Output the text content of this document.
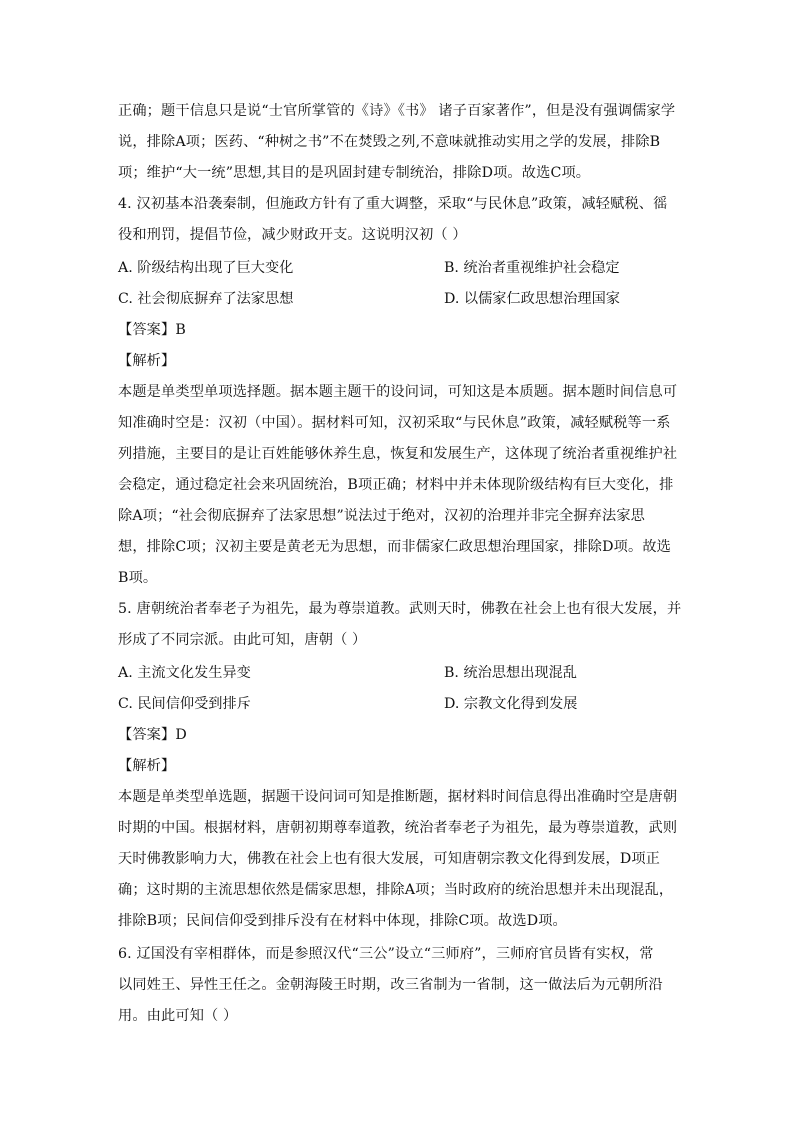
正确；题干信息只是说“士官所掌管的《诗》《书》 诸子百家著作”，但是没有强调儒家学
说，排除A项；医药、“种树之书”不在焚毁之列,不意味就推动实用之学的发展，排除B
项；维护“大一统”思想,其目的是巩固封建专制统治，排除D项。故选C项。
4. 汉初基本沿袭秦制，但施政方针有了重大调整，采取“与民休息”政策，减轻赋税、徭
役和刑罚，提倡节俭，减少财政开支。这说明汉初（ ）
A. 阶级结构出现了巨大变化	B. 统治者重视维护社会稳定
C. 社会彻底摒弃了法家思想	D. 以儒家仁政思想治理国家
【答案】B
【解析】
本题是单类型单项选择题。据本题主题干的设问词，可知这是本质题。据本题时间信息可
知准确时空是：汉初（中国）。据材料可知，汉初采取“与民休息”政策，减轻赋税等一系
列措施，主要目的是让百姓能够休养生息，恢复和发展生产，这体现了统治者重视维护社
会稳定，通过稳定社会来巩固统治，B项正确；材料中并未体现阶级结构有巨大变化，排
除A项；“社会彻底摒弃了法家思想”说法过于绝对，汉初的治理并非完全摒弃法家思
想，排除C项；汉初主要是黄老无为思想，而非儒家仁政思想治理国家，排除D项。故选
B项。
5. 唐朝统治者奉老子为祖先，最为尊崇道教。武则天时，佛教在社会上也有很大发展，并
形成了不同宗派。由此可知，唐朝（ ）
A. 主流文化发生异变	B. 统治思想出现混乱
C. 民间信仰受到排斥	D. 宗教文化得到发展
【答案】D
【解析】
本题是单类型单选题，据题干设问词可知是推断题，据材料时间信息得出准确时空是唐朝
时期的中国。根据材料，唐朝初期尊奉道教，统治者奉老子为祖先，最为尊崇道教，武则
天时佛教影响力大，佛教在社会上也有很大发展，可知唐朝宗教文化得到发展，D项正
确；这时期的主流思想依然是儒家思想，排除A项；当时政府的统治思想并未出现混乱，
排除B项；民间信仰受到排斥没有在材料中体现，排除C项。故选D项。
6. 辽国没有宰相群体，而是参照汉代“三公”设立“三师府”，三师府官员皆有实权，常
以同姓王、异性王任之。金朝海陵王时期，改三省制为一省制，这一做法后为元朝所沿
用。由此可知（ ）
